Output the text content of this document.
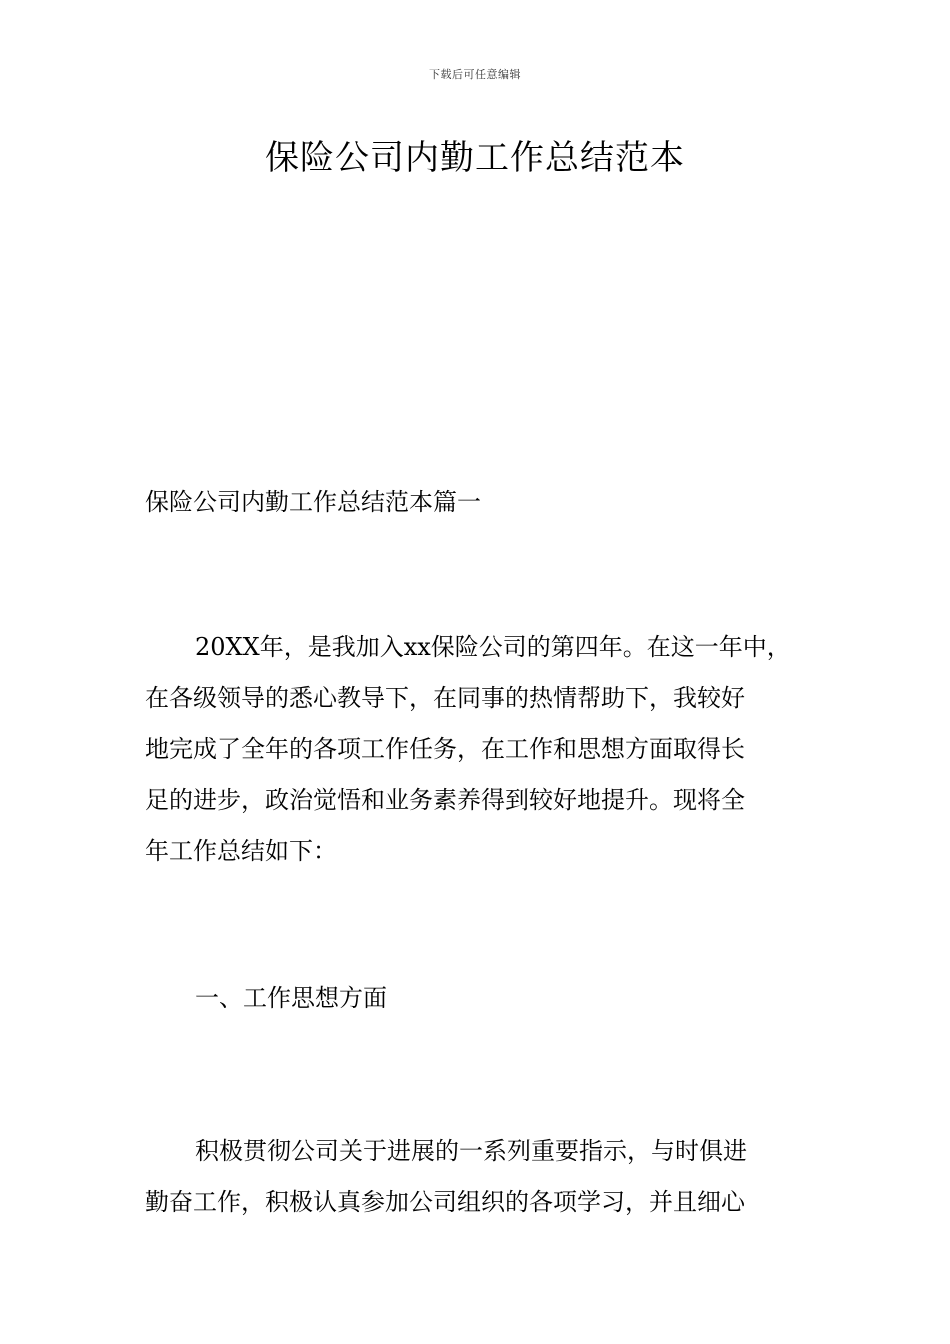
下载后可任意编辑
保险公司内勤工作总结范本
保险公司内勤工作总结范本篇一
20XX年，是我加入xx保险公司的第四年。在这一年中，
在各级领导的悉心教导下，在同事的热情帮助下，我较好
地完成了全年的各项工作任务，在工作和思想方面取得长
足的进步，政治觉悟和业务素养得到较好地提升。现将全
年工作总结如下：
一、工作思想方面
积极贯彻公司关于进展的一系列重要指示，与时俱进
勤奋工作，积极认真参加公司组织的各项学习，并且细心
